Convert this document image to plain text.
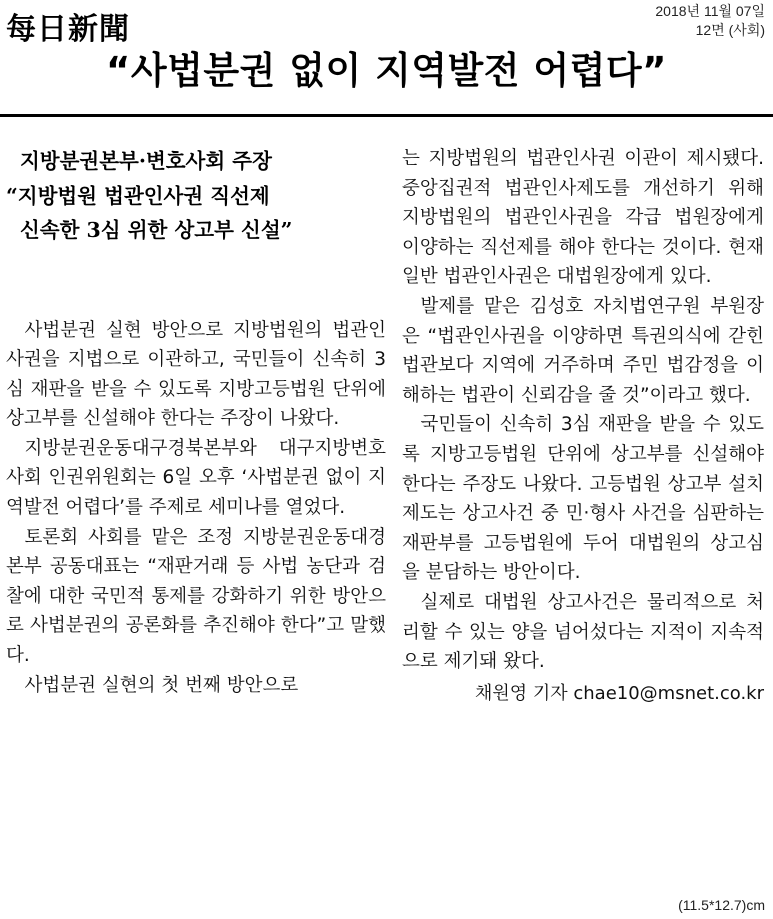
每日新聞
2018년 11월 07일
12면 (사회)
“사법분권 없이 지역발전 어렵다”
지방분권본부·변호사회 주장
“지방법원 법관인사권 직선제
신속한 3심 위한 상고부 신설”

사법분권 실현 방안으로 지방법원의 법관인사권을 지법으로 이관하고, 국민들이 신속히 3심 재판을 받을 수 있도록 지방고등법원 단위에 상고부를 신설해야 한다는 주장이 나왔다.

지방분권운동대구경북본부와 대구지방변호사회 인권위원회는 6일 오후 ‘사법분권 없이 지역발전 어렵다’를 주제로 세미나를 열었다.

토론회 사회를 맡은 조정 지방분권운동대경본부 공동대표는 “재판거래 등 사법 농단과 검찰에 대한 국민적 통제를 강화하기 위한 방안으로 사법분권의 공론화를 추진해야 한다”고 말했다.

사법분권 실현의 첫 번째 방안으로

는 지방법원의 법관인사권 이관이 제시됐다. 중앙집권적 법관인사제도를 개선하기 위해 지방법원의 법관인사권을 각급 법원장에게 이양하는 직선제를 해야 한다는 것이다. 현재 일반 법관인사권은 대법원장에게 있다.

발제를 맡은 김성호 자치법연구원 부원장은 “법관인사권을 이양하면 특권의식에 갇힌 법관보다 지역에 거주하며 주민 법감정을 이해하는 법관이 신뢰감을 줄 것”이라고 했다.

국민들이 신속히 3심 재판을 받을 수 있도록 지방고등법원 단위에 상고부를 신설해야 한다는 주장도 나왔다. 고등법원 상고부 설치제도는 상고사건 중 민·형사 사건을 심판하는 재판부를 고등법원에 두어 대법원의 상고심을 분담하는 방안이다.

실제로 대법원 상고사건은 물리적으로 처리할 수 있는 양을 넘어섰다는 지적이 지속적으로 제기돼 왔다.

채원영 기자 chae10@msnet.co.kr
(11.5*12.7)cm
